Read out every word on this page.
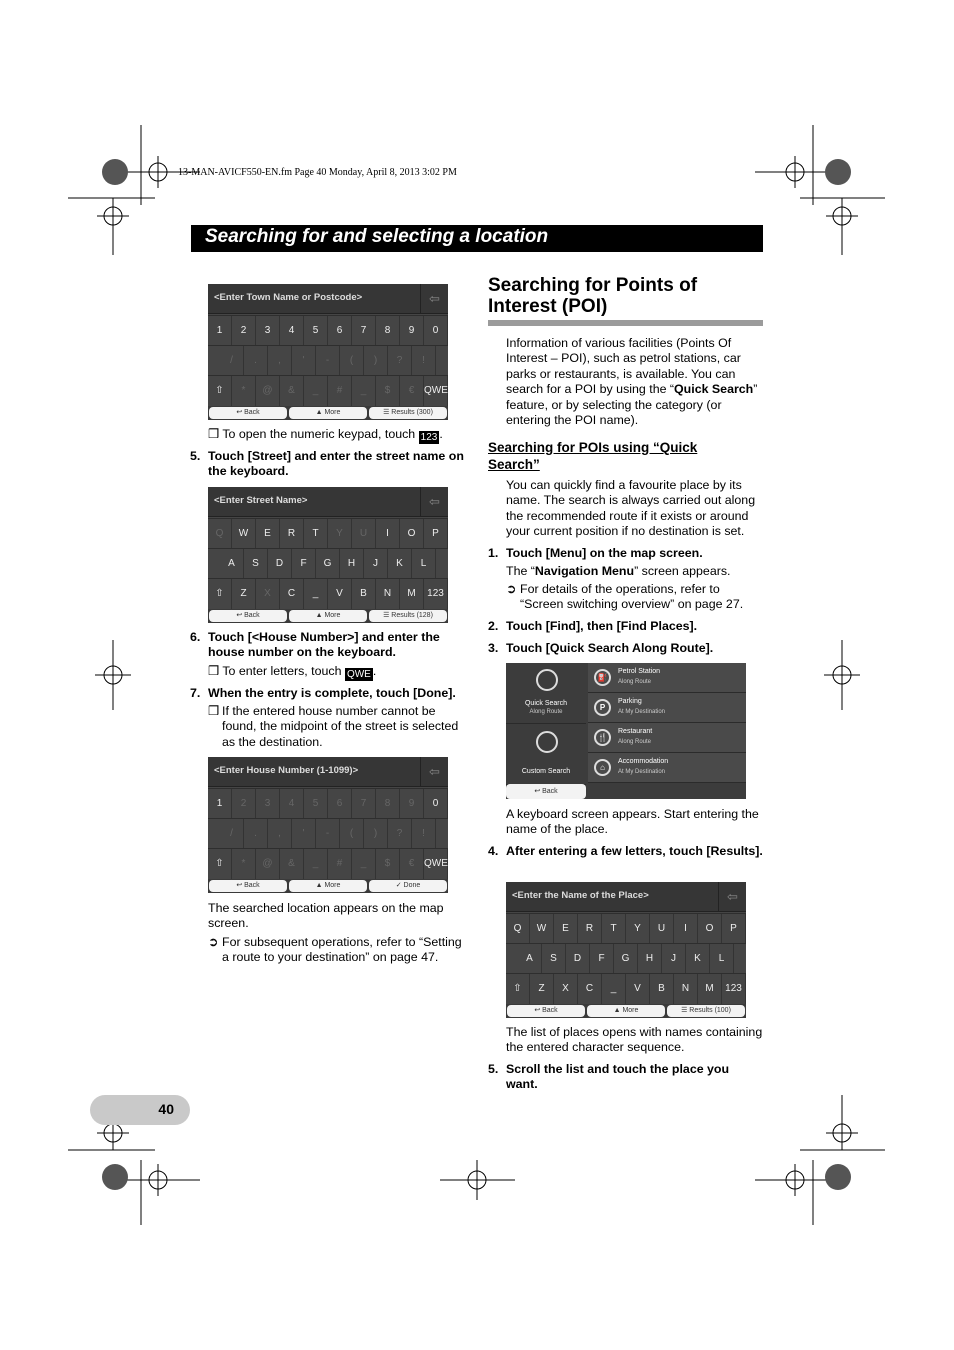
13-MAN-AVICF550-EN.fm Page 40 Monday, April 8, 2013 3:02 PM
Searching for and selecting a location
<Enter Town Name or Postcode>	⇦
1	2	3	4	5	6	7	8	9	0
/	.	,	'	-	(	)	?	!
⇧	*	@	&	_	#	_	$	€ QWE
↩ Back	▲ More	☰ Results (300)
❒ To open the numeric keypad, touch 123 .
5. Touch [Street] and enter the street name on the keyboard.
<Enter Street Name>	⇦
Q	W	E	R	T	Y	U	I	O	P
A	S	D	F	G	H	J	K	L
⇧	Z	X	C	_	V	B	N	M	123
↩ Back	▲ More	☰ Results (128)
6. Touch [<House Number>] and enter the house number on the keyboard.
❒ To enter letters, touch QWE .
7. When the entry is complete, touch [Done].
❒ If the entered house number cannot be found, the midpoint of the street is selected as the destination.
<Enter House Number (1-1099)>	⇦
1	2	3	4	5	6	7	8	9	0
/	.	,	'	-	(	)	?	!
⇧	*	@	&	_	#	_	$	€ QWE
↩ Back	▲ More	✓ Done
The searched location appears on the map screen.
➲ For subsequent operations, refer to “Setting a route to your destination” on page 47.
Searching for Points of Interest (POI)
Information of various facilities (Points Of
Interest – POI), such as petrol stations, car
parks or restaurants, is available. You can
search for a POI by using the “Quick Search”
feature, or by selecting the category (or
entering the POI name).
Searching for POIs using “Quick Search”
You can quickly find a favourite place by its name. The search is always carried out along the recommended route if it exists or around your current position if no destination is set.
1. Touch [Menu] on the map screen.
The “Navigation Menu” screen appears.
➲ For details of the operations, refer to “Screen switching overview” on page 27.
2. Touch [Find], then [Find Places].
3. Touch [Quick Search Along Route].
Quick Search
Along Route
Custom Search
↩ Back
⛽
Petrol Station
Along Route
P
Parking
At My Destination
🍴
Restaurant
Along Route
⌂
Accommodation
At My Destination
A keyboard screen appears. Start entering the name of the place.
4. After entering a few letters, touch [Results].
<Enter the Name of the Place>	⇦
Q	W	E	R	T	Y	U	I	O	P
A	S	D	F	G	H	J	K	L
⇧	Z	X	C	_	V	B	N	M	123
↩ Back	▲ More	☰ Results (100)
The list of places opens with names containing the entered character sequence.
5. Scroll the list and touch the place you want.
40
